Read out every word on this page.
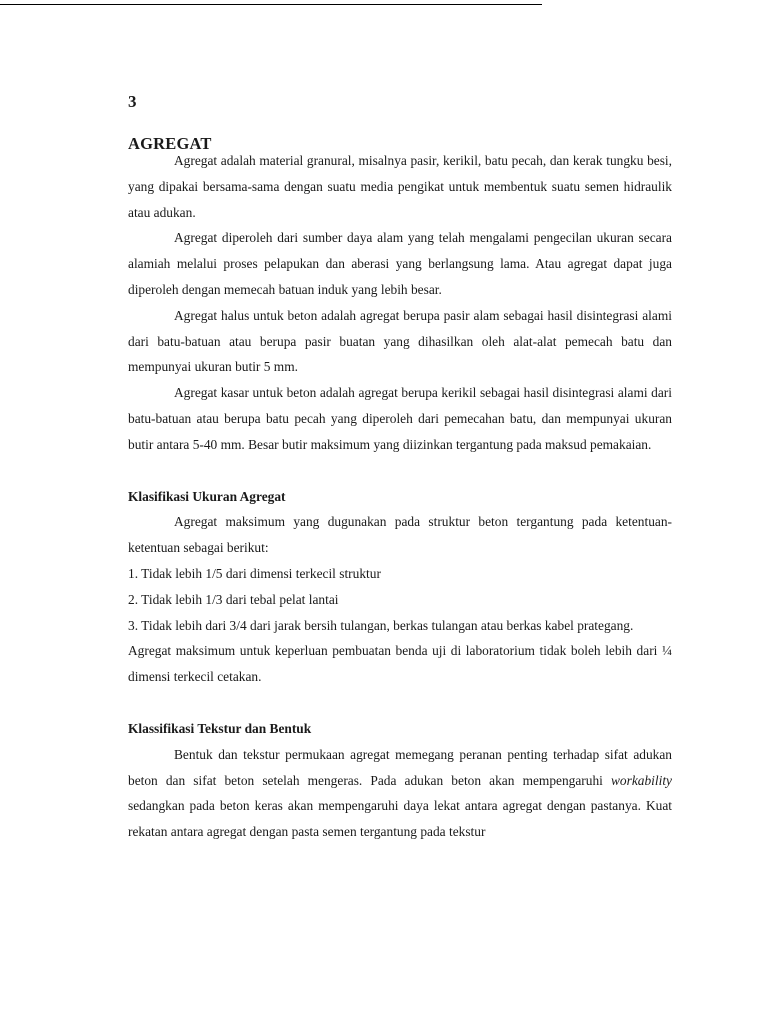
3
AGREGAT

Agregat adalah material granural, misalnya pasir, kerikil, batu pecah, dan kerak tungku besi, yang dipakai bersama-sama dengan suatu media pengikat untuk membentuk suatu semen hidraulik atau adukan.

Agregat diperoleh dari sumber daya alam yang telah mengalami pengecilan ukuran secara alamiah melalui proses pelapukan dan aberasi yang berlangsung lama. Atau agregat dapat juga diperoleh dengan memecah batuan induk yang lebih besar.

Agregat halus untuk beton adalah agregat berupa pasir alam sebagai hasil disintegrasi alami dari batu-batuan atau berupa pasir buatan yang dihasilkan oleh alat-alat pemecah batu dan mempunyai ukuran butir 5 mm.

Agregat kasar untuk beton adalah agregat berupa kerikil sebagai hasil disintegrasi alami dari batu-batuan atau berupa batu pecah yang diperoleh dari pemecahan batu, dan mempunyai ukuran butir antara 5-40 mm. Besar butir maksimum yang diizinkan tergantung pada maksud pemakaian.

Klasifikasi Ukuran Agregat

Agregat maksimum yang dugunakan pada struktur beton tergantung pada ketentuan-ketentuan sebagai berikut:

1. Tidak lebih 1/5 dari dimensi terkecil struktur

2. Tidak lebih 1/3 dari tebal pelat lantai

3. Tidak lebih dari 3/4 dari jarak bersih tulangan, berkas tulangan atau berkas kabel prategang.

Agregat maksimum untuk keperluan pembuatan benda uji di laboratorium tidak boleh lebih dari ¼ dimensi terkecil cetakan.

Klassifikasi Tekstur dan Bentuk

Bentuk dan tekstur permukaan agregat memegang peranan penting terhadap sifat adukan beton dan sifat beton setelah mengeras. Pada adukan beton akan mempengaruhi workability sedangkan pada beton keras akan mempengaruhi daya lekat antara agregat dengan pastanya. Kuat rekatan antara agregat dengan pasta semen tergantung pada tekstur
